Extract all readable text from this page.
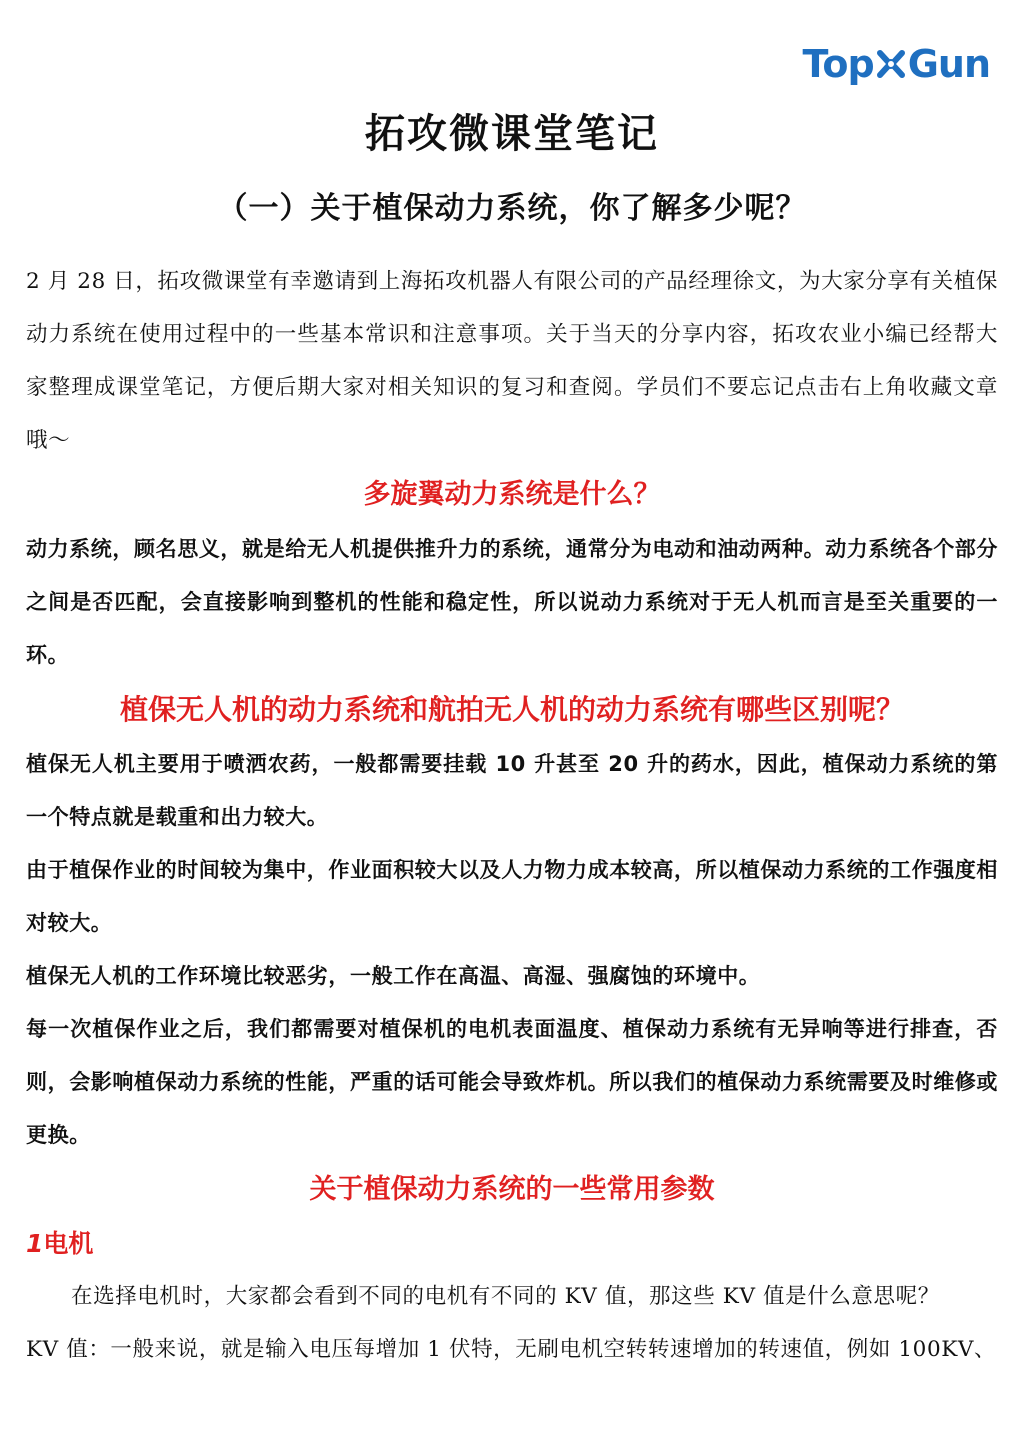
Top Gun
拓攻微课堂笔记
（一）关于植保动力系统，你了解多少呢？

2 月 28 日，拓攻微课堂有幸邀请到上海拓攻机器人有限公司的产品经理徐文，为大家分享有关植保动力系统在使用过程中的一些基本常识和注意事项。关于当天的分享内容，拓攻农业小编已经帮大家整理成课堂笔记，方便后期大家对相关知识的复习和查阅。学员们不要忘记点击右上角收藏文章哦～

多旋翼动力系统是什么？

动力系统，顾名思义，就是给无人机提供推升力的系统，通常分为电动和油动两种。动力系统各个部分之间是否匹配，会直接影响到整机的性能和稳定性，所以说动力系统对于无人机而言是至关重要的一环。

植保无人机的动力系统和航拍无人机的动力系统有哪些区别呢？

植保无人机主要用于喷洒农药，一般都需要挂载 10 升甚至 20 升的药水，因此，植保动力系统的第一个特点就是载重和出力较大。

由于植保作业的时间较为集中，作业面积较大以及人力物力成本较高，所以植保动力系统的工作强度相对较大。

植保无人机的工作环境比较恶劣，一般工作在高温、高湿、强腐蚀的环境中。

每一次植保作业之后，我们都需要对植保机的电机表面温度、植保动力系统有无异响等进行排查，否则，会影响植保动力系统的性能，严重的话可能会导致炸机。所以我们的植保动力系统需要及时维修或更换。

关于植保动力系统的一些常用参数
1电机

在选择电机时，大家都会看到不同的电机有不同的 KV 值，那这些 KV 值是什么意思呢？

KV 值：一般来说，就是输入电压每增加 1 伏特，无刷电机空转转速增加的转速值，例如 100KV、
